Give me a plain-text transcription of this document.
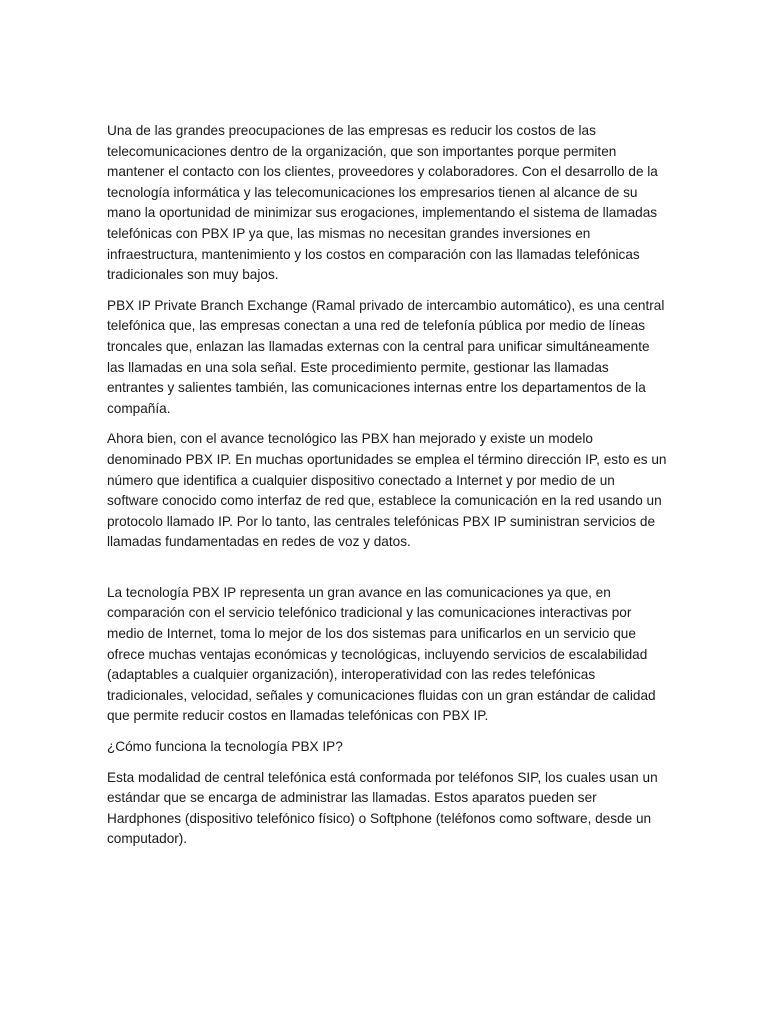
Una de las grandes preocupaciones de las empresas es reducir los costos de las telecomunicaciones dentro de la organización, que son importantes porque permiten mantener el contacto con los clientes, proveedores y colaboradores. Con el desarrollo de la tecnología informática y las telecomunicaciones los empresarios tienen al alcance de su mano la oportunidad de minimizar sus erogaciones, implementando el sistema de llamadas telefónicas con PBX IP ya que, las mismas no necesitan grandes inversiones en infraestructura, mantenimiento y los costos en comparación con las llamadas telefónicas tradicionales son muy bajos.

PBX IP Private Branch Exchange (Ramal privado de intercambio automático), es una central telefónica que, las empresas conectan a una red de telefonía pública por medio de líneas troncales que, enlazan las llamadas externas con la central para unificar simultáneamente las llamadas en una sola señal. Este procedimiento permite, gestionar las llamadas entrantes y salientes también, las comunicaciones internas entre los departamentos de la compañía.

Ahora bien, con el avance tecnológico las PBX han mejorado y existe un modelo denominado PBX IP. En muchas oportunidades se emplea el término dirección IP, esto es un número que identifica a cualquier dispositivo conectado a Internet y por medio de un software conocido como interfaz de red que, establece la comunicación en la red usando un protocolo llamado IP. Por lo tanto, las centrales telefónicas PBX IP suministran servicios de llamadas fundamentadas en redes de voz y datos.

La tecnología PBX IP representa un gran avance en las comunicaciones ya que, en comparación con el servicio telefónico tradicional y las comunicaciones interactivas por medio de Internet, toma lo mejor de los dos sistemas para unificarlos en un servicio que ofrece muchas ventajas económicas y tecnológicas, incluyendo servicios de escalabilidad (adaptables a cualquier organización), interoperatividad con las redes telefónicas tradicionales, velocidad, señales y comunicaciones fluidas con un gran estándar de calidad que permite reducir costos en llamadas telefónicas con PBX IP.

¿Cómo funciona la tecnología PBX IP?

Esta modalidad de central telefónica está conformada por teléfonos SIP, los cuales usan un estándar que se encarga de administrar las llamadas. Estos aparatos pueden ser Hardphones (dispositivo telefónico físico) o Softphone (teléfonos como software, desde un computador).
